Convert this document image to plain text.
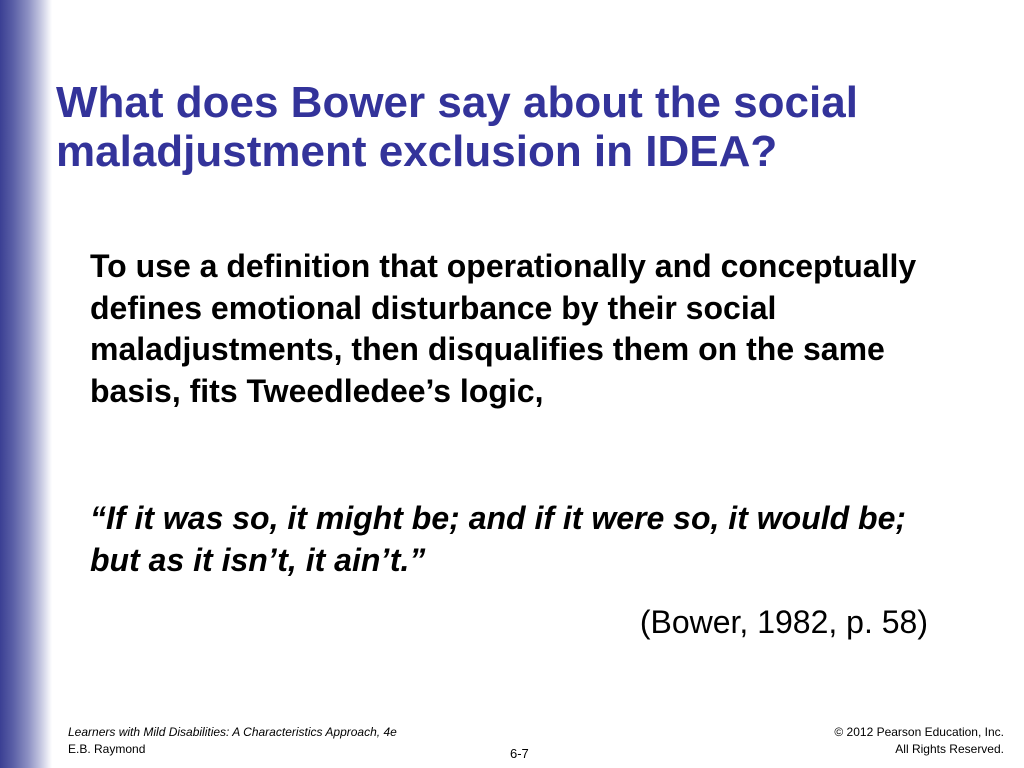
What does Bower say about the social maladjustment exclusion in IDEA?

To use a definition that operationally and conceptually defines emotional disturbance by their social maladjustments, then disqualifies them on the same basis, fits Tweedledee’s logic,

“If it was so, it might be; and if it were so, it would be; but as it isn’t, it ain’t.”

(Bower, 1982, p. 58)

Learners with Mild Disabilities: A Characteristics Approach, 4e
E.B. Raymond	6-7
© 2012 Pearson Education, Inc.
All Rights Reserved.
